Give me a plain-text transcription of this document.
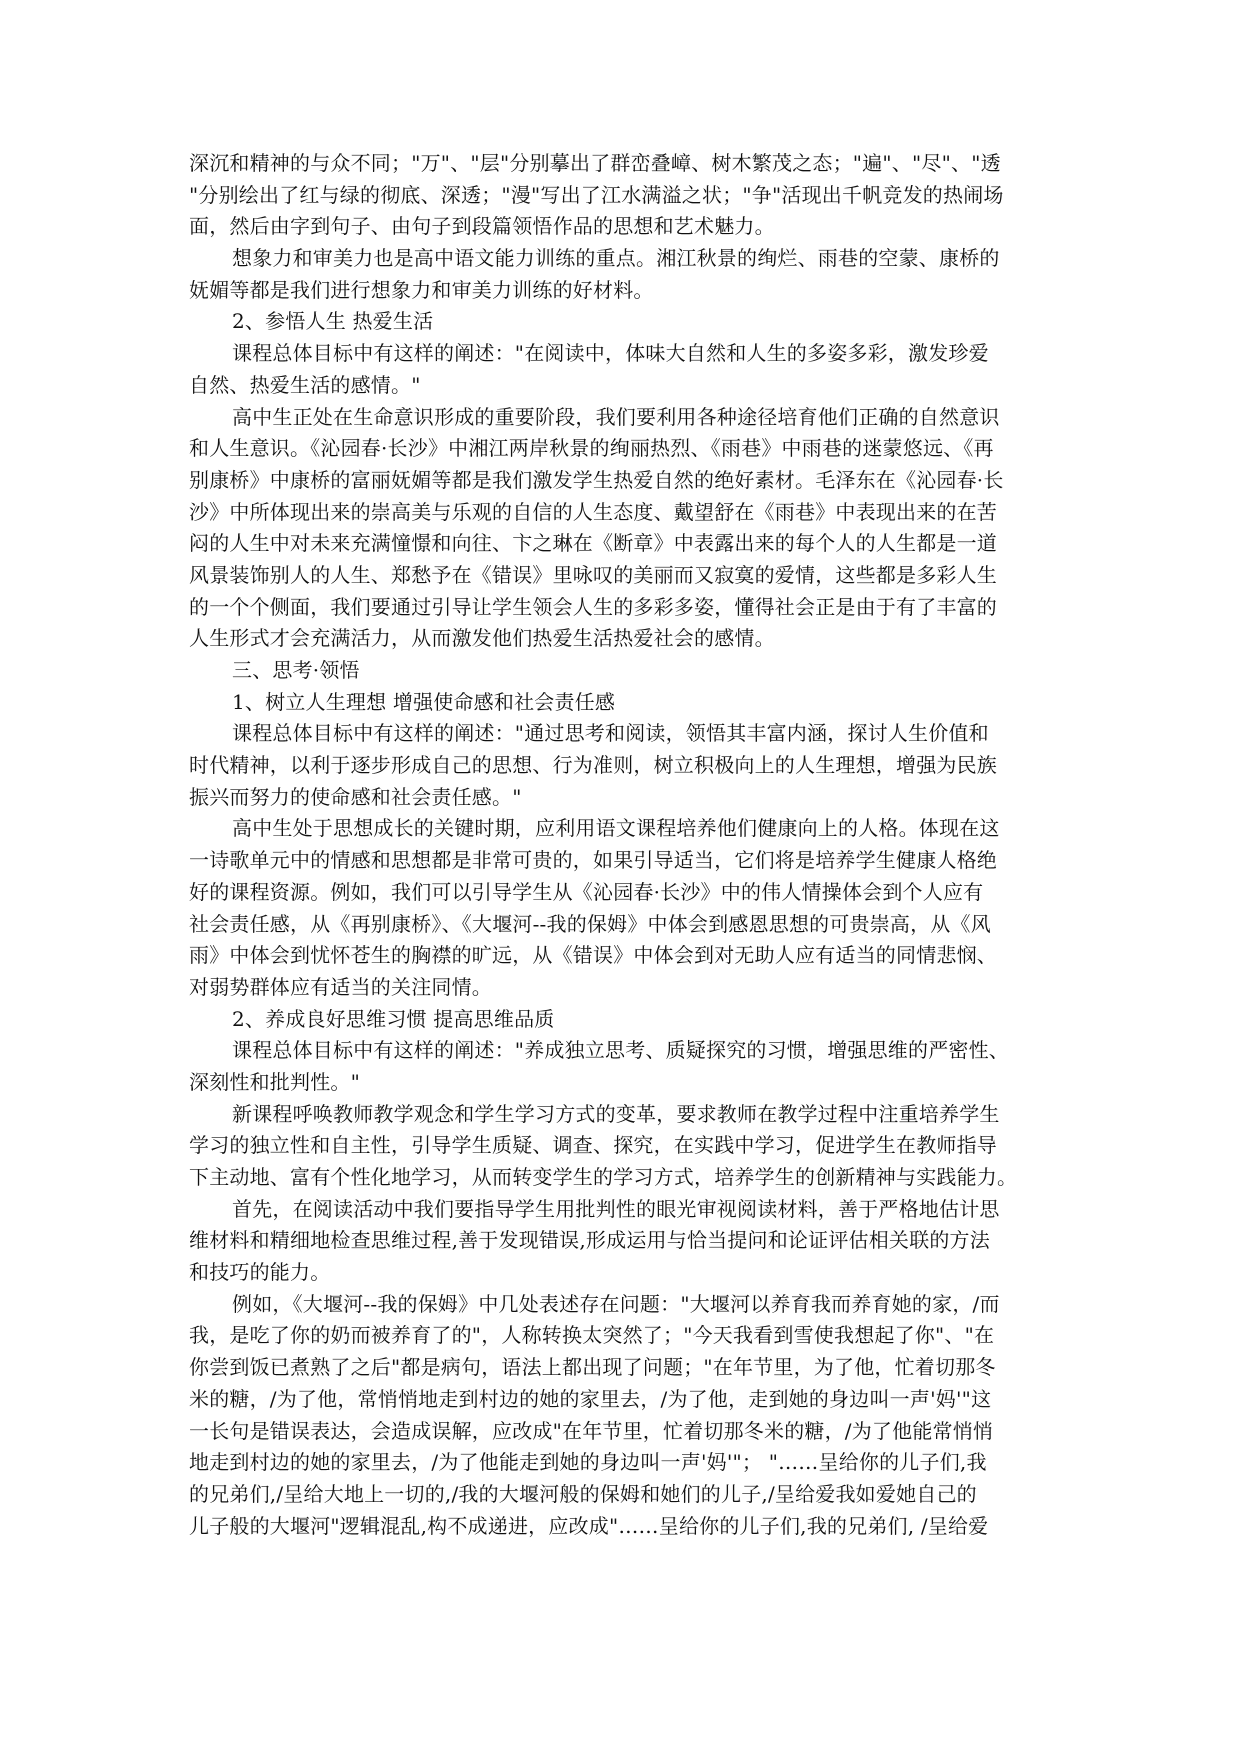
深沉和精神的与众不同；"万"、"层"分别摹出了群峦叠嶂、树木繁茂之态；"遍"、"尽"、"透
"分别绘出了红与绿的彻底、深透；"漫"写出了江水满溢之状；"争"活现出千帆竞发的热闹场
面，然后由字到句子、由句子到段篇领悟作品的思想和艺术魅力。
想象力和审美力也是高中语文能力训练的重点。湘江秋景的绚烂、雨巷的空蒙、康桥的
妩媚等都是我们进行想象力和审美力训练的好材料。
2、参悟人生 热爱生活
课程总体目标中有这样的阐述："在阅读中，体味大自然和人生的多姿多彩，激发珍爱
自然、热爱生活的感情。"
高中生正处在生命意识形成的重要阶段，我们要利用各种途径培育他们正确的自然意识
和人生意识。《沁园春·长沙》中湘江两岸秋景的绚丽热烈、《雨巷》中雨巷的迷蒙悠远、《再
别康桥》中康桥的富丽妩媚等都是我们激发学生热爱自然的绝好素材。毛泽东在《沁园春·长
沙》中所体现出来的崇高美与乐观的自信的人生态度、戴望舒在《雨巷》中表现出来的在苦
闷的人生中对未来充满憧憬和向往、卞之琳在《断章》中表露出来的每个人的人生都是一道
风景装饰别人的人生、郑愁予在《错误》里咏叹的美丽而又寂寞的爱情，这些都是多彩人生
的一个个侧面，我们要通过引导让学生领会人生的多彩多姿，懂得社会正是由于有了丰富的
人生形式才会充满活力，从而激发他们热爱生活热爱社会的感情。
三、思考·领悟
1、树立人生理想 增强使命感和社会责任感
课程总体目标中有这样的阐述："通过思考和阅读，领悟其丰富内涵，探讨人生价值和
时代精神，以利于逐步形成自己的思想、行为准则，树立积极向上的人生理想，增强为民族
振兴而努力的使命感和社会责任感。"
高中生处于思想成长的关键时期，应利用语文课程培养他们健康向上的人格。体现在这
一诗歌单元中的情感和思想都是非常可贵的，如果引导适当，它们将是培养学生健康人格绝
好的课程资源。例如，我们可以引导学生从《沁园春·长沙》中的伟人情操体会到个人应有
社会责任感，从《再别康桥》、《大堰河--我的保姆》中体会到感恩思想的可贵崇高，从《风
雨》中体会到忧怀苍生的胸襟的旷远，从《错误》中体会到对无助人应有适当的同情悲悯、
对弱势群体应有适当的关注同情。
2、养成良好思维习惯 提高思维品质
课程总体目标中有这样的阐述："养成独立思考、质疑探究的习惯，增强思维的严密性、
深刻性和批判性。"
新课程呼唤教师教学观念和学生学习方式的变革，要求教师在教学过程中注重培养学生
学习的独立性和自主性，引导学生质疑、调查、探究，在实践中学习，促进学生在教师指导
下主动地、富有个性化地学习，从而转变学生的学习方式，培养学生的创新精神与实践能力。
首先，在阅读活动中我们要指导学生用批判性的眼光审视阅读材料，善于严格地估计思
维材料和精细地检查思维过程,善于发现错误,形成运用与恰当提问和论证评估相关联的方法
和技巧的能力。
例如，《大堰河--我的保姆》中几处表述存在问题："大堰河以养育我而养育她的家，/而
我，是吃了你的奶而被养育了的"，人称转换太突然了；"今天我看到雪使我想起了你"、"在
你尝到饭已煮熟了之后"都是病句，语法上都出现了问题；"在年节里，为了他，忙着切那冬
米的糖，/为了他，常悄悄地走到村边的她的家里去，/为了他，走到她的身边叫一声'妈'"这
一长句是错误表达，会造成误解，应改成"在年节里，忙着切那冬米的糖，/为了他能常悄悄
地走到村边的她的家里去，/为了他能走到她的身边叫一声'妈'"； "……呈给你的儿子们,我
的兄弟们,/呈给大地上一切的,/我的大堰河般的保姆和她们的儿子,/呈给爱我如爱她自己的
儿子般的大堰河"逻辑混乱,构不成递进，应改成"……呈给你的儿子们,我的兄弟们, /呈给爱
